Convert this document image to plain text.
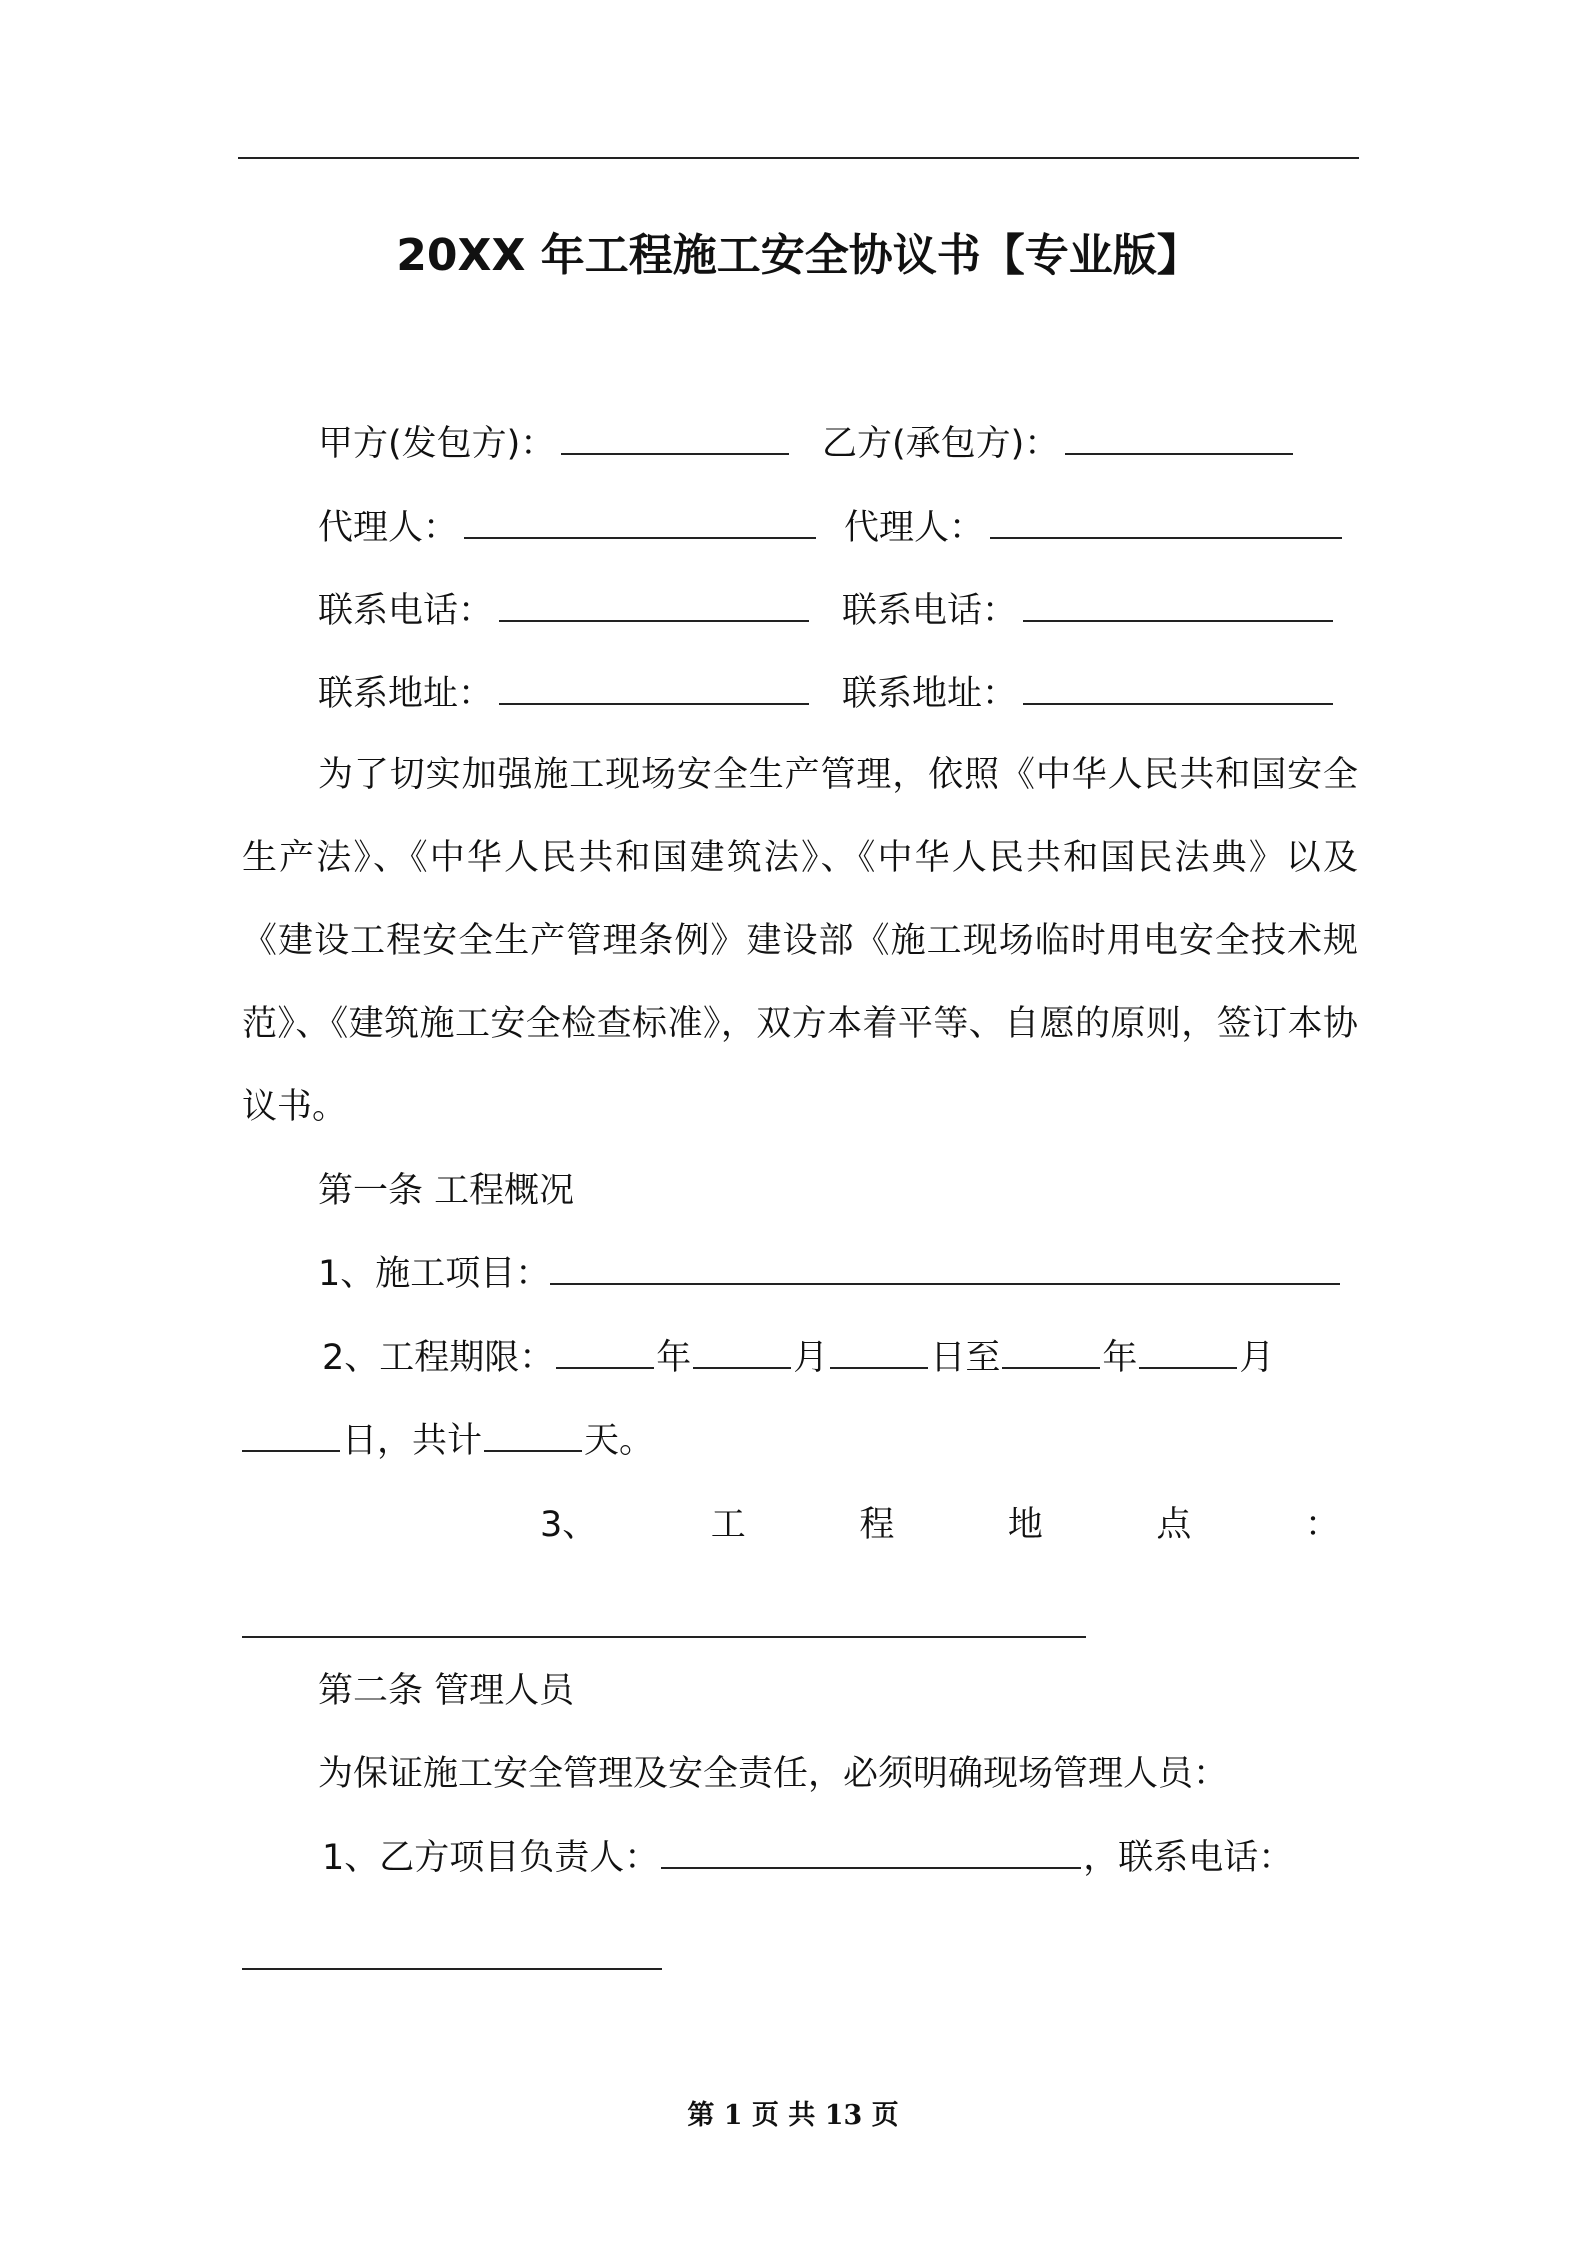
20XX 年工程施工安全协议书【专业版】
甲方(发包方)：	乙方(承包方)：
代理人：	代理人：
联系电话：	联系电话：
联系地址：	联系地址：
为了切实加强施工现场安全生产管理，依照《中华人民共和国安全生产法》、《中华人民共和国建筑法》、《中华人民共和国民法典》以及《建设工程安全生产管理条例》建设部《施工现场临时用电安全技术规范》、《建筑施工安全检查标准》，双方本着平等、自愿的原则，签订本协议书。
第一条 工程概况
1、施工项目：
2、工程期限：	年	月	日至	年	月
日，共计	天。
3、	工	程	地	点	：
第二条 管理人员
为保证施工安全管理及安全责任，必须明确现场管理人员：
1、乙方项目负责人：	，联系电话：
第 1 页 共 13 页
